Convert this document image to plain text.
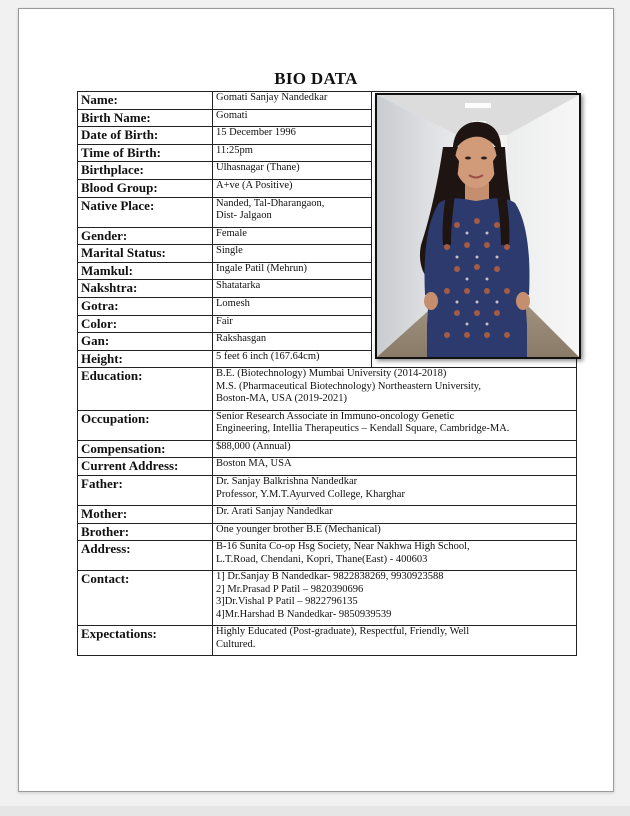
BIO DATA
Name:	Gomati Sanjay Nandedkar	

Birth Name:	Gomati	

Date of Birth:	15 December 1996	

Time of Birth:	11:25pm	

Birthplace:	Ulhasnagar (Thane)	

Blood Group:	A+ve (A Positive)	

Native Place:	Nanded, Tal-Dharangaon,
Dist- Jalgaon	

Gender:	Female	

Marital Status:	Single	

Mamkul:	Ingale Patil (Mehrun)	

Nakshtra:	Shatatarka	

Gotra:	Lomesh	

Color:	Fair	

Gan:	Rakshasgan	

Height:	5 feet 6 inch (167.64cm)	

Education:	B.E. (Biotechnology) Mumbai University (2014-2018)
M.S. (Pharmaceutical Biotechnology) Northeastern University,
Boston-MA, USA (2019-2021)	

Occupation:	Senior Research Associate in Immuno-oncology Genetic
Engineering, Intellia Therapeutics – Kendall Square, Cambridge-MA.	

Compensation:	$88,000 (Annual)	

Current Address:	Boston MA, USA	

Father:	Dr. Sanjay Balkrishna Nandedkar
Professor, Y.M.T.Ayurved College, Kharghar	

Mother:	Dr. Arati Sanjay Nandedkar	

Brother:	One younger brother B.E (Mechanical)	

Address:	B-16 Sunita Co-op Hsg Society, Near Nakhwa High School,
L.T.Road, Chendani, Kopri, Thane(East) - 400603	

Contact:	1] Dr.Sanjay B Nandedkar- 9822838269, 9930923588
2] Mr.Prasad P Patil – 9820390696
3]Dr.Vishal P Patil – 9822796135
4]Mr.Harshad B Nandedkar- 9850939539	

Expectations:	Highly Educated (Post-graduate), Respectful, Friendly, Well
Cultured.	
